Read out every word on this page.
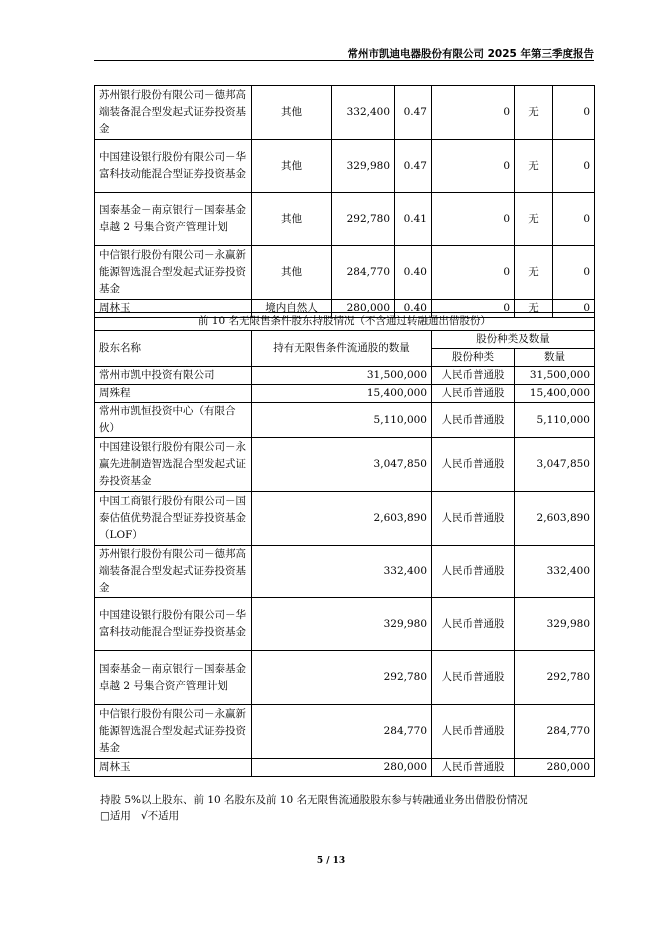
常州市凯迪电器股份有限公司 2025 年第三季度报告
苏州银行股份有限公司－德邦高端装备混合型发起式证券投资基金	其他	332,400	0.47	0	无	0
中国建设银行股份有限公司－华富科技动能混合型证券投资基金	其他	329,980	0.47	0	无	0
国泰基金－南京银行－国泰基金卓越 2 号集合资产管理计划	其他	292,780	0.41	0	无	0
中信银行股份有限公司－永赢新能源智选混合型发起式证券投资基金	其他	284,770	0.40	0	无	0
周林玉	境内自然人	280,000	0.40	0	无	0
前 10 名无限售条件股东持股情况（不含通过转融通出借股份）			
股东名称	持有无限售条件流通股的数量	股份种类及数量	
		股份种类	数量
常州市凯中投资有限公司	31,500,000	人民币普通股	31,500,000
周殊程	15,400,000	人民币普通股	15,400,000
常州市凯恒投资中心（有限合伙）	5,110,000	人民币普通股	5,110,000
中国建设银行股份有限公司－永赢先进制造智选混合型发起式证券投资基金	3,047,850	人民币普通股	3,047,850
中国工商银行股份有限公司－国泰估值优势混合型证券投资基金（LOF）	2,603,890	人民币普通股	2,603,890
苏州银行股份有限公司－德邦高端装备混合型发起式证券投资基金	332,400	人民币普通股	332,400
中国建设银行股份有限公司－华富科技动能混合型证券投资基金	329,980	人民币普通股	329,980
国泰基金－南京银行－国泰基金卓越 2 号集合资产管理计划	292,780	人民币普通股	292,780
中信银行股份有限公司－永赢新能源智选混合型发起式证券投资基金	284,770	人民币普通股	284,770
周林玉	280,000	人民币普通股	280,000
持股 5%以上股东、前 10 名股东及前 10 名无限售流通股股东参与转融通业务出借股份情况
□适用 √不适用
5 / 13
